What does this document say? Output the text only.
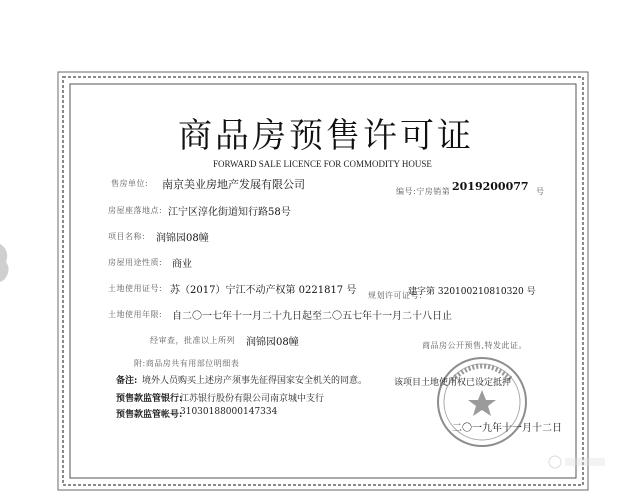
商品房预售许可证
FORWARD SALE LICENCE FOR COMMODITY HOUSE
售房单位: 南京美业房地产发展有限公司
编号:宁房销第 2019200077 号
房屋座落地点: 江宁区淳化街道知行路58号
项目名称: 润锦园08幢
房屋用途性质: 商业
土地使用证号: 苏（2017）宁江不动产权第 0221817 号 规划许可证号:
建字第 320100210810320 号
土地使用年限: 自二〇一七年十一月二十九日起至二〇五七年十一月二十八日止
经审查，批准以上所列 润锦园08幢	商品房公开预售,特发此证。
附:商品房共有用部位明细表
备注: 境外人员购买上述房产须事先征得国家安全机关的同意。	该项目土地使用权已设定抵押
预售款监管银行:
江苏银行股份有限公司南京城中支行
预售款监管帐号:
31030188000147334
二〇一九年十一月十二日
